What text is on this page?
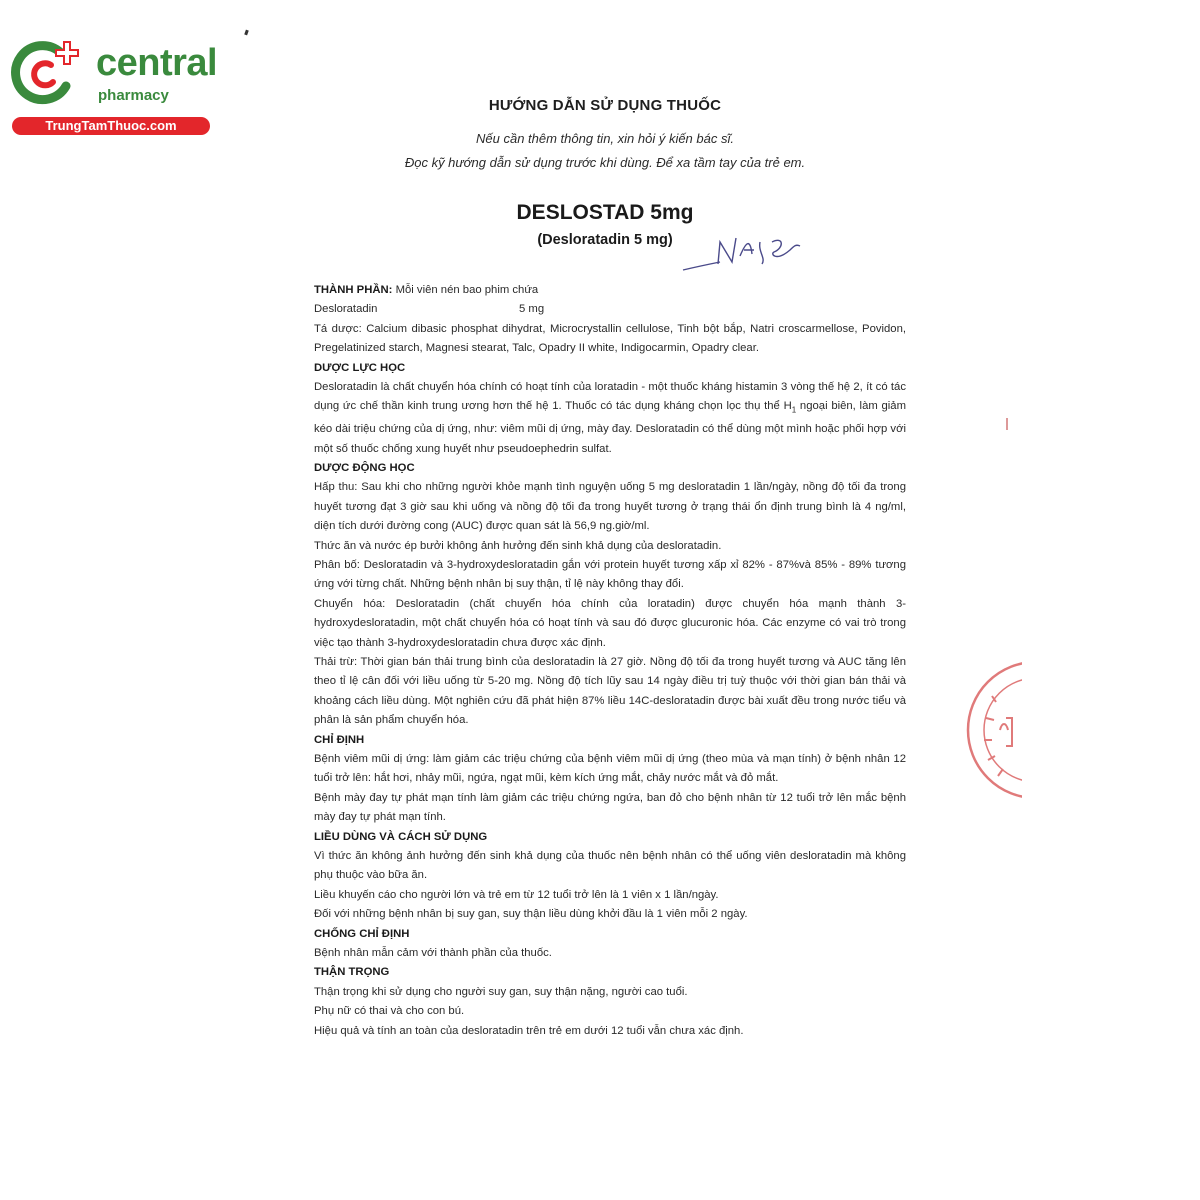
central
pharmacy
TrungTamThuoc.com
HƯỚNG DẪN SỬ DỤNG THUỐC
Nếu cần thêm thông tin, xin hỏi ý kiến bác sĩ.
Đọc kỹ hướng dẫn sử dụng trước khi dùng. Để xa tầm tay của trẻ em.
DESLOSTAD 5mg
(Desloratadin 5 mg)

THÀNH PHẦN: Mỗi viên nén bao phim chứa

Desloratadin	5 mg

Tá dược: Calcium dibasic phosphat dihydrat, Microcrystallin cellulose, Tinh bột bắp, Natri croscarmellose, Povidon, Pregelatinized starch, Magnesi stearat, Talc, Opadry II white, Indigocarmin, Opadry clear.

DƯỢC LỰC HỌC

Desloratadin là chất chuyển hóa chính có hoạt tính của loratadin - một thuốc kháng histamin 3 vòng thế hệ 2, ít có tác dụng ức chế thần kinh trung ương hơn thế hệ 1. Thuốc có tác dụng kháng chọn lọc thụ thể $H_1$ ngoại biên, làm giảm kéo dài triệu chứng của dị ứng, như: viêm mũi dị ứng, mày đay. Desloratadin có thể dùng một mình hoặc phối hợp với một số thuốc chống xung huyết như pseudoephedrin sulfat.

DƯỢC ĐỘNG HỌC

Hấp thu: Sau khi cho những người khỏe mạnh tình nguyện uống 5 mg desloratadin 1 lần/ngày, nồng độ tối đa trong huyết tương đạt 3 giờ sau khi uống và nồng độ tối đa trong huyết tương ở trạng thái ổn định trung bình là 4 ng/ml, diện tích dưới đường cong (AUC) được quan sát là 56,9 ng.giờ/ml.

Thức ăn và nước ép bưởi không ảnh hưởng đến sinh khả dụng của desloratadin.

Phân bố: Desloratadin và 3-hydroxydesloratadin gắn với protein huyết tương xấp xỉ 82% - 87%và 85% - 89% tương ứng với từng chất. Những bệnh nhân bị suy thận, tỉ lệ này không thay đổi.

Chuyển hóa: Desloratadin (chất chuyển hóa chính của loratadin) được chuyển hóa mạnh thành 3-hydroxydesloratadin, một chất chuyển hóa có hoạt tính và sau đó được glucuronic hóa. Các enzyme có vai trò trong việc tạo thành 3-hydroxydesloratadin chưa được xác định.

Thải trừ: Thời gian bán thải trung bình của desloratadin là 27 giờ. Nồng độ tối đa trong huyết tương và AUC tăng lên theo tỉ lệ cân đối với liều uống từ 5-20 mg. Nồng độ tích lũy sau 14 ngày điều trị tuỳ thuộc với thời gian bán thải và khoảng cách liều dùng. Một nghiên cứu đã phát hiện 87% liều 14C-desloratadin được bài xuất đều trong nước tiểu và phân là sản phẩm chuyển hóa.

CHỈ ĐỊNH

Bệnh viêm mũi dị ứng: làm giảm các triệu chứng của bệnh viêm mũi dị ứng (theo mùa và mạn tính) ở bệnh nhân 12 tuổi trở lên: hắt hơi, nhảy mũi, ngứa, ngạt mũi, kèm kích ứng mắt, chảy nước mắt và đỏ mắt.

Bệnh mày đay tự phát mạn tính làm giảm các triệu chứng ngứa, ban đỏ cho bệnh nhân từ 12 tuổi trở lên mắc bệnh mày đay tự phát mạn tính.

LIỀU DÙNG VÀ CÁCH SỬ DỤNG

Vì thức ăn không ảnh hưởng đến sinh khả dụng của thuốc nên bệnh nhân có thể uống viên desloratadin mà không phụ thuộc vào bữa ăn.

Liều khuyến cáo cho người lớn và trẻ em từ 12 tuổi trở lên là 1 viên x 1 lần/ngày.

Đối với những bệnh nhân bị suy gan, suy thận liều dùng khởi đầu là 1 viên mỗi 2 ngày.

CHỐNG CHỈ ĐỊNH

Bệnh nhân mẫn cảm với thành phần của thuốc.

THẬN TRỌNG

Thận trọng khi sử dụng cho người suy gan, suy thận nặng, người cao tuổi.

Phụ nữ có thai và cho con bú.

Hiệu quả và tính an toàn của desloratadin trên trẻ em dưới 12 tuổi vẫn chưa xác định.
